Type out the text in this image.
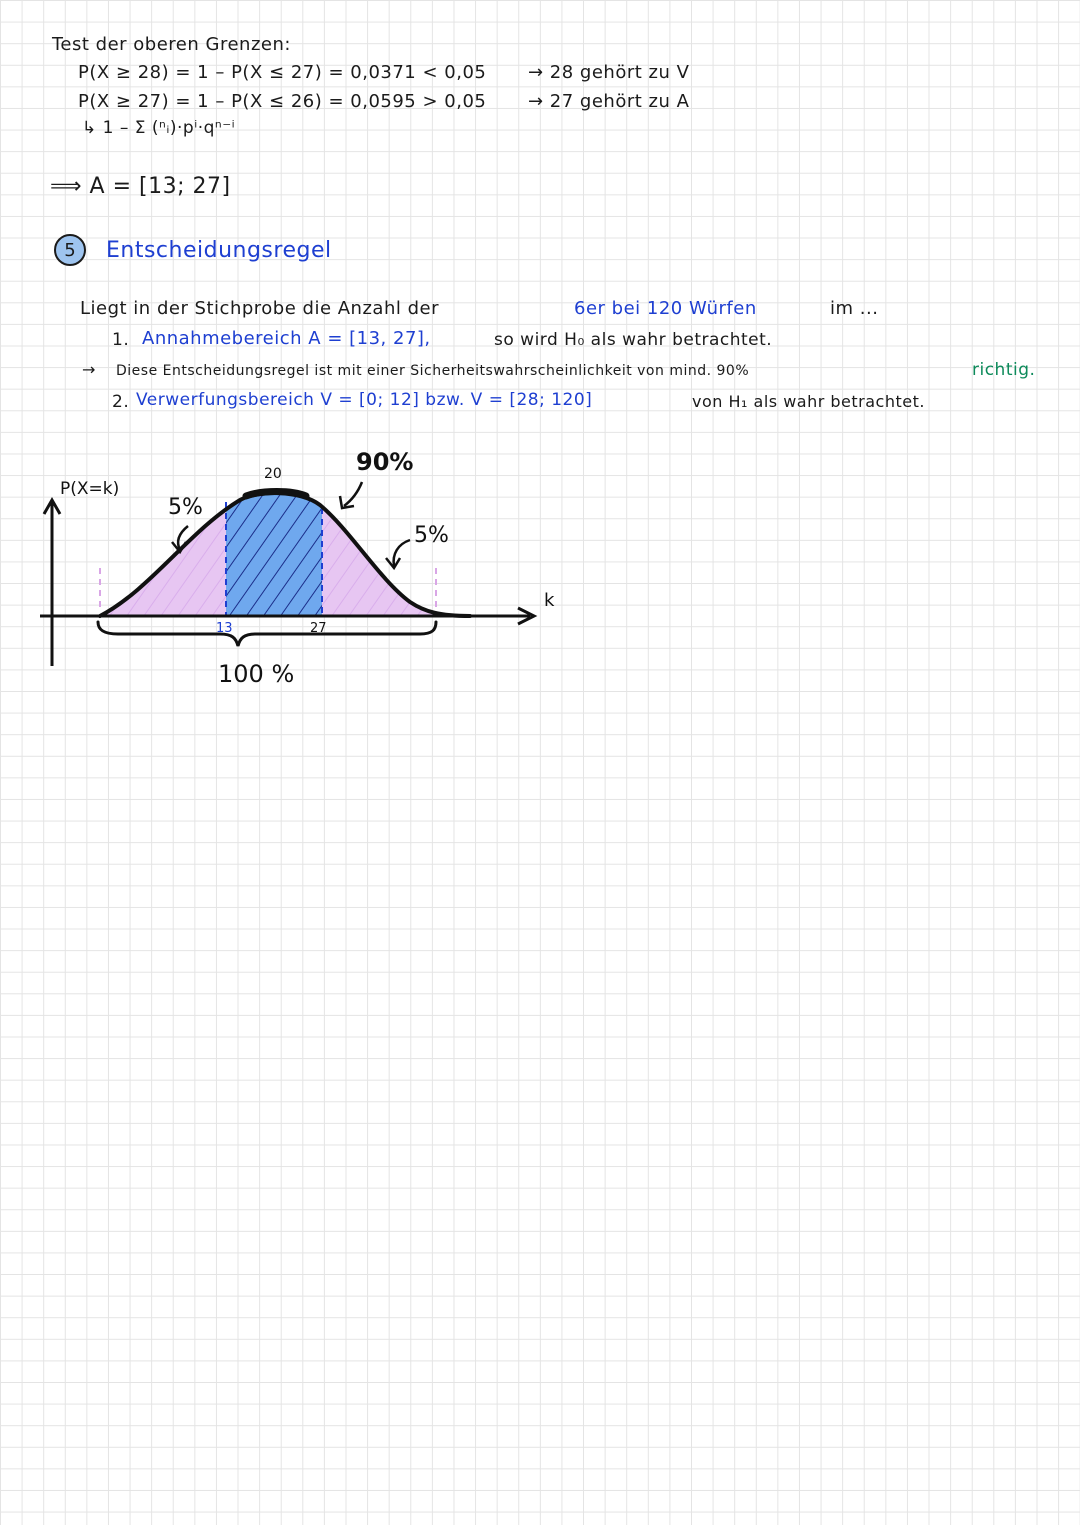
Test der oberen Grenzen:
P(X ≥ 28) = 1 – P(X ≤ 27) = 0,0371 < 0,05 → 28 gehört zu V
P(X ≥ 27) = 1 – P(X ≤ 26) = 0,0595 > 0,05 → 27 gehört zu A
↳ 1 – Σ (ⁿᵢ)·pⁱ·qⁿ⁻ⁱ
⟹ A = [13; 27]
5	Entscheidungsregel
Liegt in der Stichprobe die Anzahl der	6er bei 120 Würfen	im ...
1. Annahmebereich A = [13, 27],	so wird H₀ als wahr betrachtet.
→ Diese Entscheidungsregel ist mit einer Sicherheitswahrscheinlichkeit von mind. 90%	richtig.
2. Verwerfungsbereich V = [0; 12] bzw. V = [28; 120]	von H₁ als wahr betrachtet.
P(X=k)
k
20	90%
5%
5%
13	27
100 %
